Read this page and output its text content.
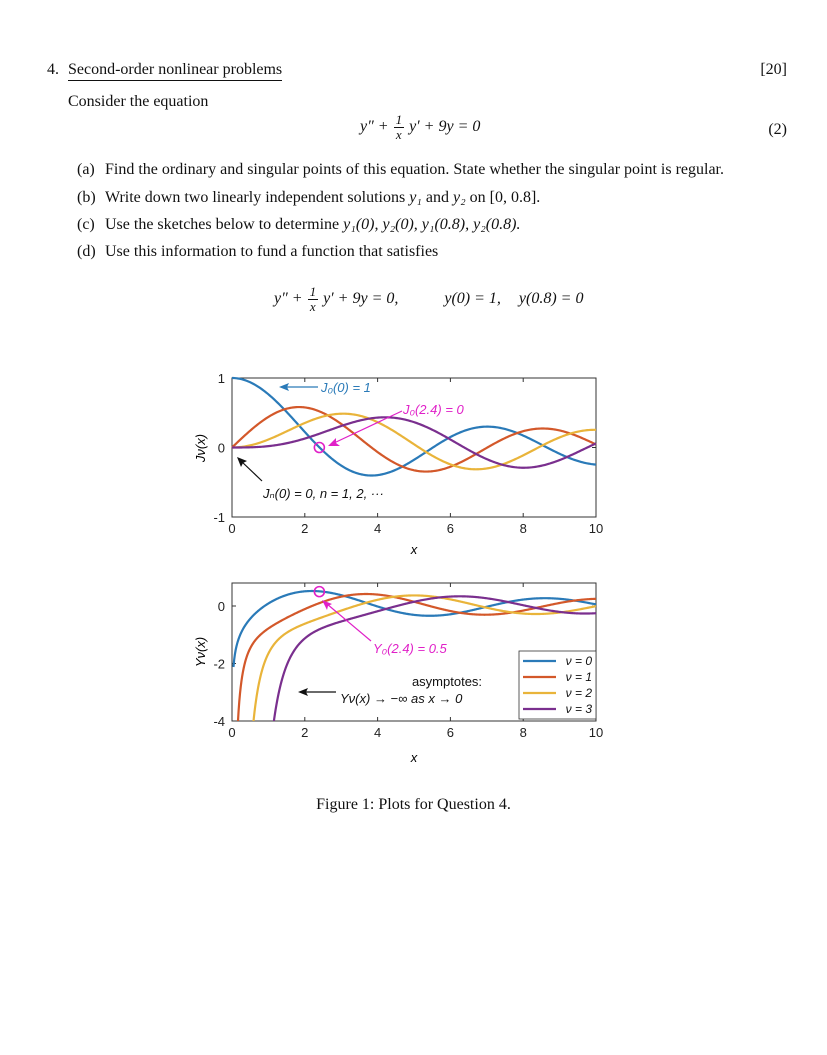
4. Second-order nonlinear problems	[20]
Consider the equation
$y'' + \frac{1}{x} y' + 9y = 0$	(2)
(a) Find the ordinary and singular points of this equation. State whether the singular point is regular.
(b) Write down two linearly independent solutions y₁ and y₂ on [0, 0.8].
(c) Use the sketches below to determine y₁(0), y₂(0), y₁(0.8), y₂(0.8).
(d) Use this information to fund a function that satisfies
$y'' + \frac{1}{x} y' + 9y = 0$,	y(0) = 1, y(0.8) = 0
0	2	4	6	8	10
-1
0
1
J₀(0) = 1
J₀(2.4) = 0
Jₙ(0) = 0, n = 1, 2, ···
x
Jν(x)
0	2	4	6	8	10
-4
-2
0
Y₀(2.4) = 0.5
asymptotes:
Yν(x) → −∞ as x → 0
ν = 0
ν = 1
ν = 2
ν = 3
x
Yν(x)
Figure 1: Plots for Question 4.
